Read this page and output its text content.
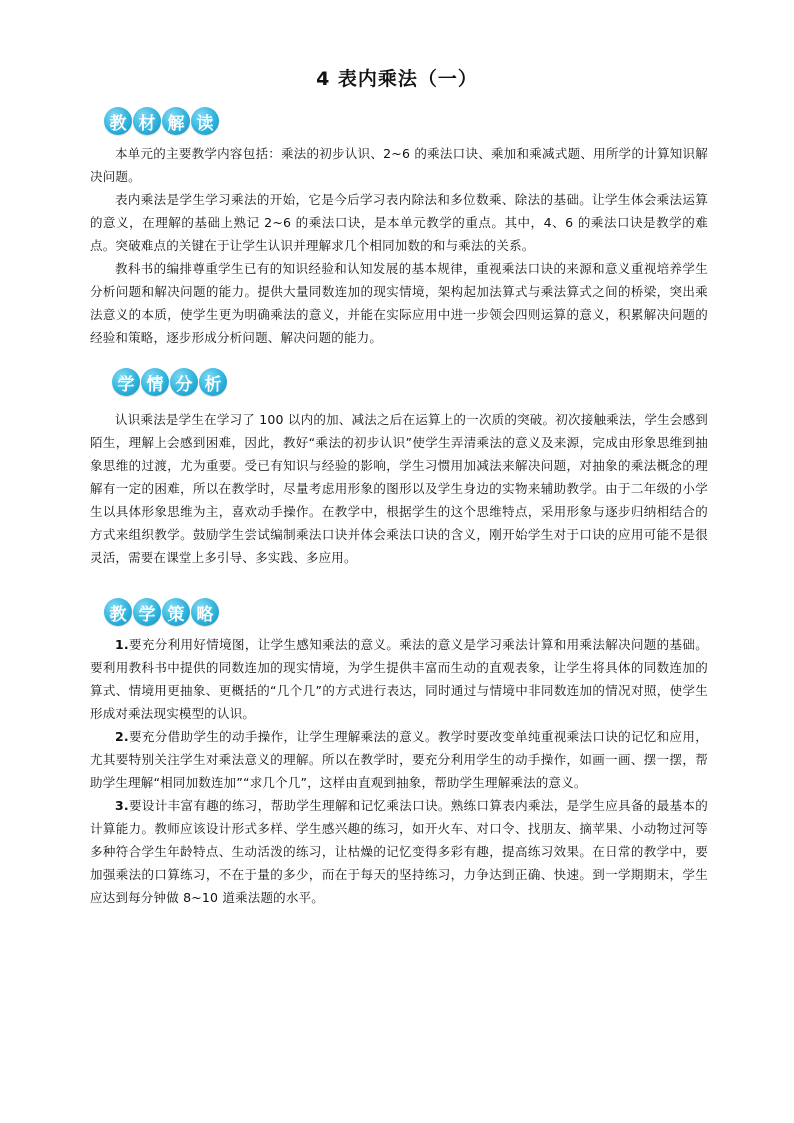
4 表内乘法（一）
教 材 解 读

本单元的主要教学内容包括：乘法的初步认识、2~6 的乘法口诀、乘加和乘减式题、用所学的计算知识解决问题。

表内乘法是学生学习乘法的开始，它是今后学习表内除法和多位数乘、除法的基础。让学生体会乘法运算的意义，在理解的基础上熟记 2~6 的乘法口诀，是本单元教学的重点。其中，4、6 的乘法口诀是教学的难点。突破难点的关键在于让学生认识并理解求几个相同加数的和与乘法的关系。

教科书的编排尊重学生已有的知识经验和认知发展的基本规律，重视乘法口诀的来源和意义重视培养学生分析问题和解决问题的能力。提供大量同数连加的现实情境，架构起加法算式与乘法算式之间的桥梁，突出乘法意义的本质，使学生更为明确乘法的意义，并能在实际应用中进一步领会四则运算的意义，积累解决问题的经验和策略，逐步形成分析问题、解决问题的能力。

学 情 分 析

认识乘法是学生在学习了 100 以内的加、减法之后在运算上的一次质的突破。初次接触乘法，学生会感到陌生，理解上会感到困难，因此，教好“乘法的初步认识”使学生弄清乘法的意义及来源，完成由形象思维到抽象思维的过渡，尤为重要。受已有知识与经验的影响，学生习惯用加减法来解决问题，对抽象的乘法概念的理解有一定的困难，所以在教学时，尽量考虑用形象的图形以及学生身边的实物来辅助教学。由于二年级的小学生以具体形象思维为主，喜欢动手操作。在教学中，根据学生的这个思维特点，采用形象与逐步归纳相结合的方式来组织教学。鼓励学生尝试编制乘法口诀并体会乘法口诀的含义，刚开始学生对于口诀的应用可能不是很灵活，需要在课堂上多引导、多实践、多应用。

教 学 策 略

1.要充分利用好情境图，让学生感知乘法的意义。乘法的意义是学习乘法计算和用乘法解决问题的基础。要利用教科书中提供的同数连加的现实情境，为学生提供丰富而生动的直观表象，让学生将具体的同数连加的算式、情境用更抽象、更概括的“几个几”的方式进行表达，同时通过与情境中非同数连加的情况对照，使学生形成对乘法现实模型的认识。

2.要充分借助学生的动手操作，让学生理解乘法的意义。教学时要改变单纯重视乘法口诀的记忆和应用，尤其要特别关注学生对乘法意义的理解。所以在教学时，要充分利用学生的动手操作，如画一画、摆一摆，帮助学生理解“相同加数连加”“求几个几”，这样由直观到抽象，帮助学生理解乘法的意义。

3.要设计丰富有趣的练习，帮助学生理解和记忆乘法口诀。熟练口算表内乘法，是学生应具备的最基本的计算能力。教师应该设计形式多样、学生感兴趣的练习，如开火车、对口令、找朋友、摘苹果、小动物过河等多种符合学生年龄特点、生动活泼的练习，让枯燥的记忆变得多彩有趣，提高练习效果。在日常的教学中，要加强乘法的口算练习，不在于量的多少，而在于每天的坚持练习，力争达到正确、快速。到一学期期末，学生应达到每分钟做 8~10 道乘法题的水平。
